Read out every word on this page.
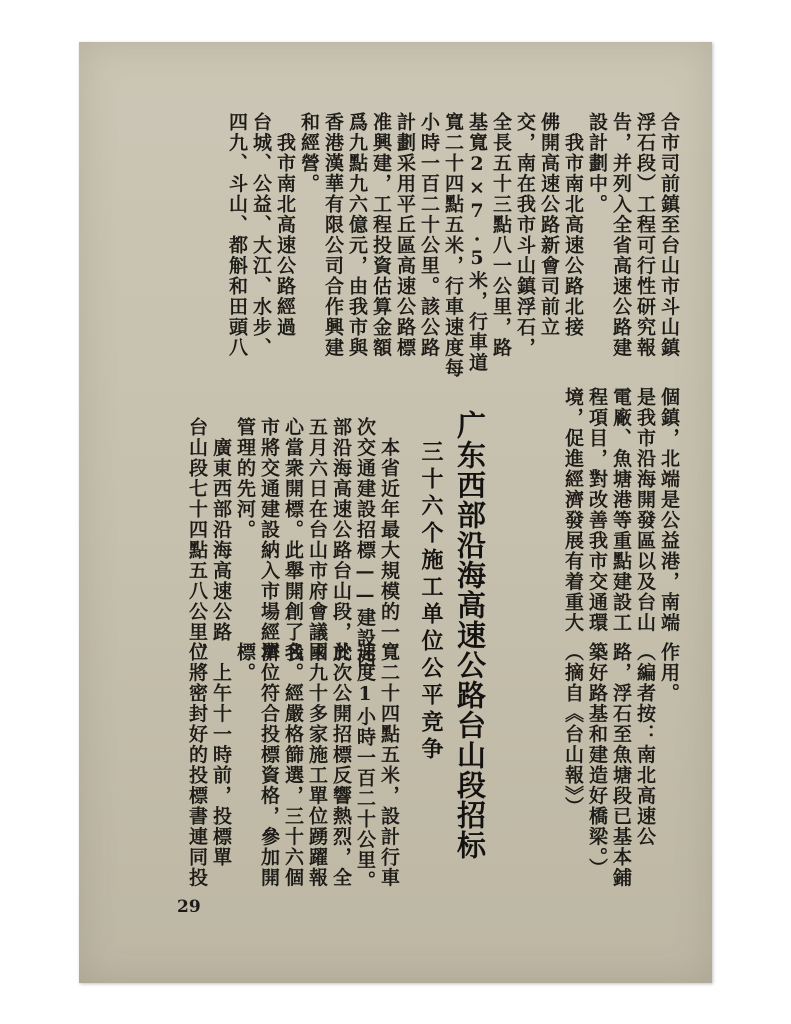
合市司前鎮至台山市斗山鎮
浮石段）工程可行性研究報
告，并列入全省高速公路建
設計劃中。
　我市南北高速公路北接
佛開高速公路新會司前立
交，南在我市斗山鎮浮石，
全長五十三點八一公里，路
基寬2×7.5米，行車道
寬二十四點五米，行車速度每
小時一百二十公里。該公路
計劃采用平丘區高速公路標
准興建，工程投資估算金額
爲九點九六億元，由我市與
香港漢華有限公司合作興建
和經營。
　我市南北高速公路經過
台城、公益、大江、水步、
四九、斗山、都斛和田頭八
個鎮，北端是公益港，南端
是我市沿海開發區以及台山
電廠、魚塘港等重點建設工
程項目，對改善我市交通環
境，促進經濟發展有着重大
作用。
（編者按：南北高速公
路，浮石至魚塘段已基本鋪
築好路基和建造好橋梁。）
（摘自《台山報》）
广东西部沿海高速公路台山段招标
三十六个施工单位公平竞争
　本省近年最大規模的一
次交通建設招標——建設西
部沿海高速公路台山段，於
五月六日在台山市府會議中
心當衆開標。此舉開創了我
市將交通建設納入市場經濟
管理的先河。
　廣東西部沿海高速公路
台山段七十四點五八公里，
寬二十四點五米，設計行車
速度1小時一百二十公里。
此次公開招標反響熱烈，全
國九十多家施工單位踴躍報
名。經嚴格篩選，三十六個
單位符合投標資格，參加開
標。
　上午十一時前，投標單
位將密封好的投標書連同投
29
